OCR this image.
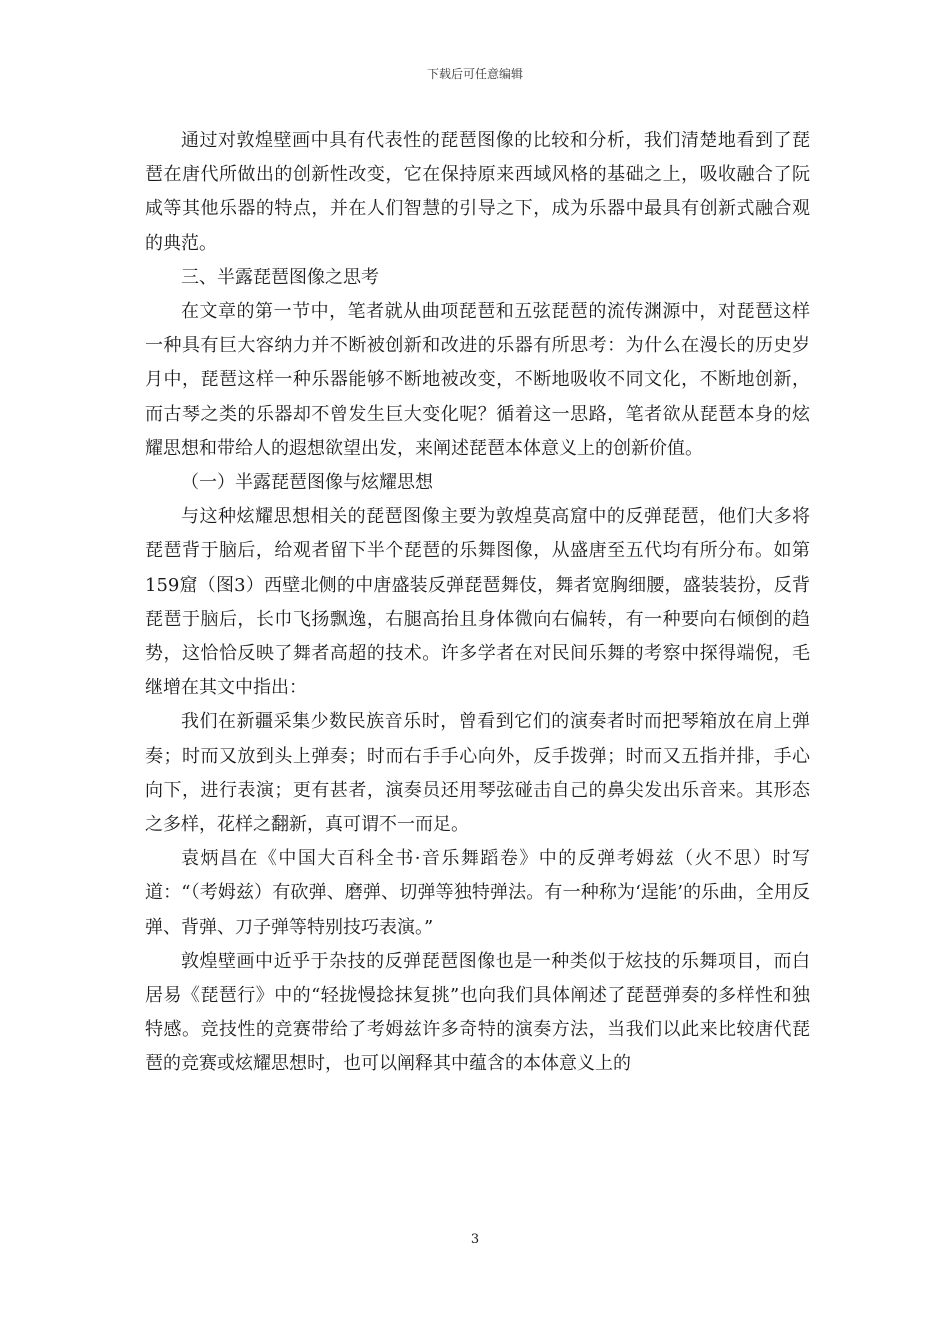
下载后可任意编辑

通过对敦煌壁画中具有代表性的琵琶图像的比较和分析，我们清楚地看到了琵琶在唐代所做出的创新性改变，它在保持原来西域风格的基础之上，吸收融合了阮咸等其他乐器的特点，并在人们智慧的引导之下，成为乐器中最具有创新式融合观的典范。

三、半露琵琶图像之思考

在文章的第一节中，笔者就从曲项琵琶和五弦琵琶的流传渊源中，对琵琶这样一种具有巨大容纳力并不断被创新和改进的乐器有所思考：为什么在漫长的历史岁月中，琵琶这样一种乐器能够不断地被改变，不断地吸收不同文化，不断地创新，而古琴之类的乐器却不曾发生巨大变化呢？循着这一思路，笔者欲从琵琶本身的炫耀思想和带给人的遐想欲望出发，来阐述琵琶本体意义上的创新价值。

（一）半露琵琶图像与炫耀思想

与这种炫耀思想相关的琵琶图像主要为敦煌莫高窟中的反弹琵琶，他们大多将琵琶背于脑后，给观者留下半个琵琶的乐舞图像，从盛唐至五代均有所分布。如第159窟（图3）西壁北侧的中唐盛装反弹琵琶舞伎，舞者宽胸细腰，盛装装扮，反背琵琶于脑后，长巾飞扬飘逸，右腿高抬且身体微向右偏转，有一种要向右倾倒的趋势，这恰恰反映了舞者高超的技术。许多学者在对民间乐舞的考察中探得端倪，毛继增在其文中指出：

我们在新疆采集少数民族音乐时，曾看到它们的演奏者时而把琴箱放在肩上弹奏；时而又放到头上弹奏；时而右手手心向外，反手拨弹；时而又五指并排，手心向下，进行表演；更有甚者，演奏员还用琴弦碰击自己的鼻尖发出乐音来。其形态之多样，花样之翻新，真可谓不一而足。

袁炳昌在《中国大百科全书·音乐舞蹈卷》中的反弹考姆兹（火不思）时写道：“（考姆兹）有砍弹、磨弹、切弹等独特弹法。有一种称为‘逞能’的乐曲，全用反弹、背弹、刀子弹等特别技巧表演。”

敦煌壁画中近乎于杂技的反弹琵琶图像也是一种类似于炫技的乐舞项目，而白居易《琵琶行》中的“轻拢慢捻抹复挑”也向我们具体阐述了琵琶弹奏的多样性和独特感。竞技性的竞赛带给了考姆兹许多奇特的演奏方法，当我们以此来比较唐代琵琶的竞赛或炫耀思想时，也可以阐释其中蕴含的本体意义上的

3
